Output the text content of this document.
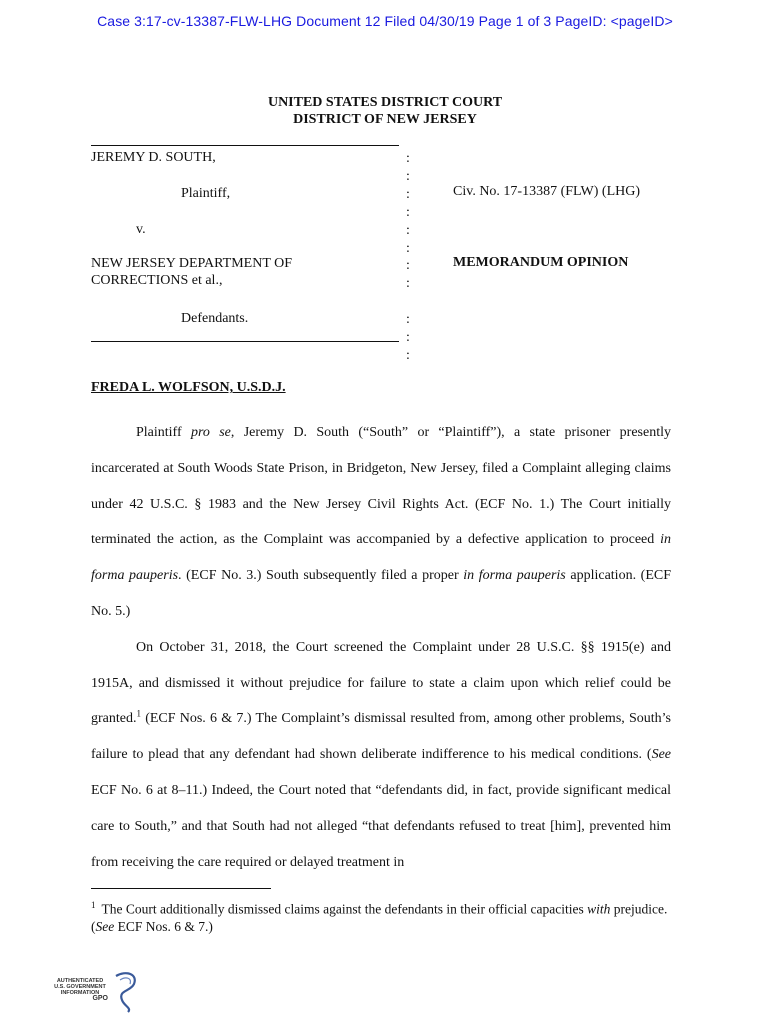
Case 3:17-cv-13387-FLW-LHG Document 12 Filed 04/30/19 Page 1 of 3 PageID: <pageID>
UNITED STATES DISTRICT COURT
DISTRICT OF NEW JERSEY
JEREMY D. SOUTH,
Plaintiff,
v.
NEW JERSEY DEPARTMENT OF
CORRECTIONS et al.,
Defendants.
:
:
:
:
:
:
:
:

:
:
:
Civ. No. 17-13387 (FLW) (LHG)
MEMORANDUM OPINION
FREDA L. WOLFSON, U.S.D.J.

Plaintiff pro se, Jeremy D. South (“South” or “Plaintiff”), a state prisoner presently incarcerated at South Woods State Prison, in Bridgeton, New Jersey, filed a Complaint alleging claims under 42 U.S.C. § 1983 and the New Jersey Civil Rights Act. (ECF No. 1.) The Court initially terminated the action, as the Complaint was accompanied by a defective application to proceed in forma pauperis. (ECF No. 3.) South subsequently filed a proper in forma pauperis application. (ECF No. 5.)

On October 31, 2018, the Court screened the Complaint under 28 U.S.C. §§ 1915(e) and 1915A, and dismissed it without prejudice for failure to state a claim upon which relief could be granted.$^1$ (ECF Nos. 6 & 7.) The Complaint’s dismissal resulted from, among other problems, South’s failure to plead that any defendant had shown deliberate indifference to his medical conditions. (See ECF No. 6 at 8–11.) Indeed, the Court noted that “defendants did, in fact, provide significant medical care to South,” and that South had not alleged “that defendants refused to treat [him], prevented him from receiving the care required or delayed treatment in

$^1$ The Court additionally dismissed claims against the defendants in their official capacities with prejudice. (See ECF Nos. 6 & 7.)
AUTHENTICATED
U.S. GOVERNMENT
INFORMATION
GPO
